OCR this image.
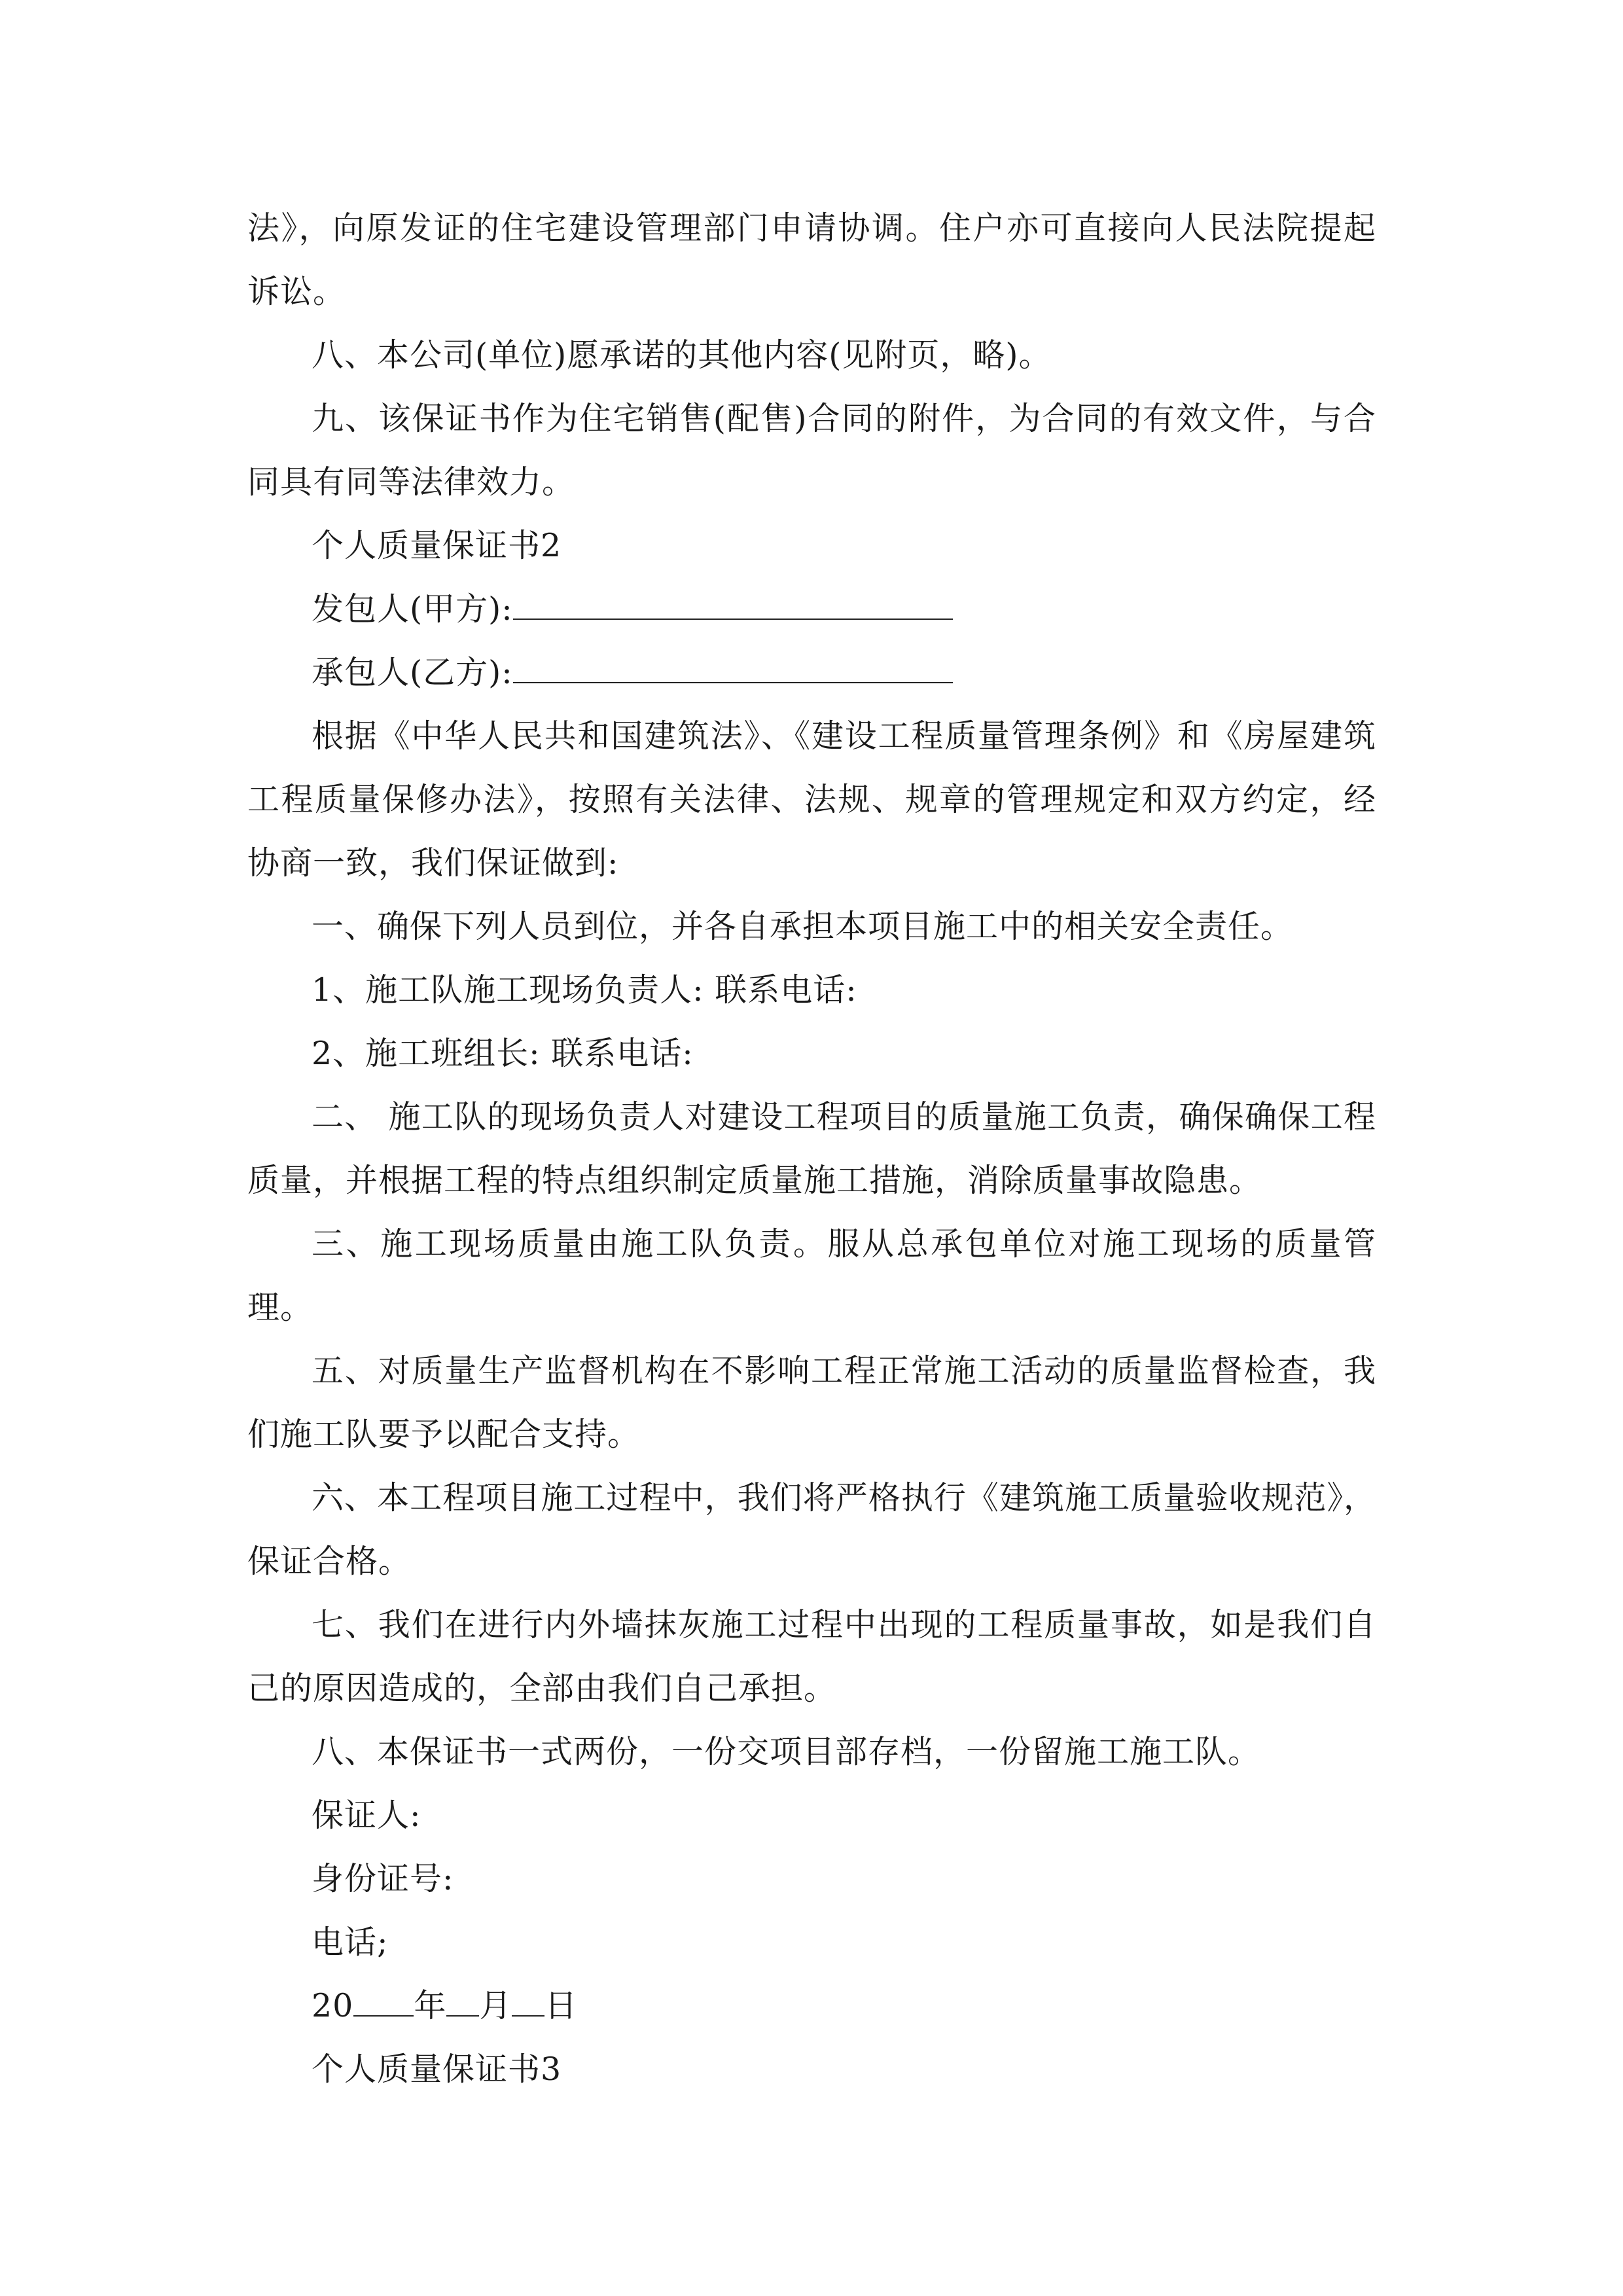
法》，向原发证的住宅建设管理部门申请协调。住户亦可直接向人民法院提起诉讼。

八、本公司(单位)愿承诺的其他内容(见附页，略)。

九、该保证书作为住宅销售(配售)合同的附件，为合同的有效文件，与合同具有同等法律效力。

个人质量保证书2

发包人(甲方):

承包人(乙方):

根据《中华人民共和国建筑法》、《建设工程质量管理条例》和《房屋建筑工程质量保修办法》，按照有关法律、法规、规章的管理规定和双方约定，经协商一致，我们保证做到:

一、确保下列人员到位，并各自承担本项目施工中的相关安全责任。

1、施工队施工现场负责人: 联系电话:

2、施工班组长: 联系电话:

二、 施工队的现场负责人对建设工程项目的质量施工负责，确保确保工程质量，并根据工程的特点组织制定质量施工措施，消除质量事故隐患。

三、施工现场质量由施工队负责。服从总承包单位对施工现场的质量管理。

五、对质量生产监督机构在不影响工程正常施工活动的质量监督检查，我们施工队要予以配合支持。

六、本工程项目施工过程中，我们将严格执行《建筑施工质量验收规范》，保证合格。

七、我们在进行内外墙抹灰施工过程中出现的工程质量事故，如是我们自己的原因造成的，全部由我们自己承担。

八、本保证书一式两份，一份交项目部存档，一份留施工施工队。

保证人:

身份证号:

电话;

20 年 月 日

个人质量保证书3
